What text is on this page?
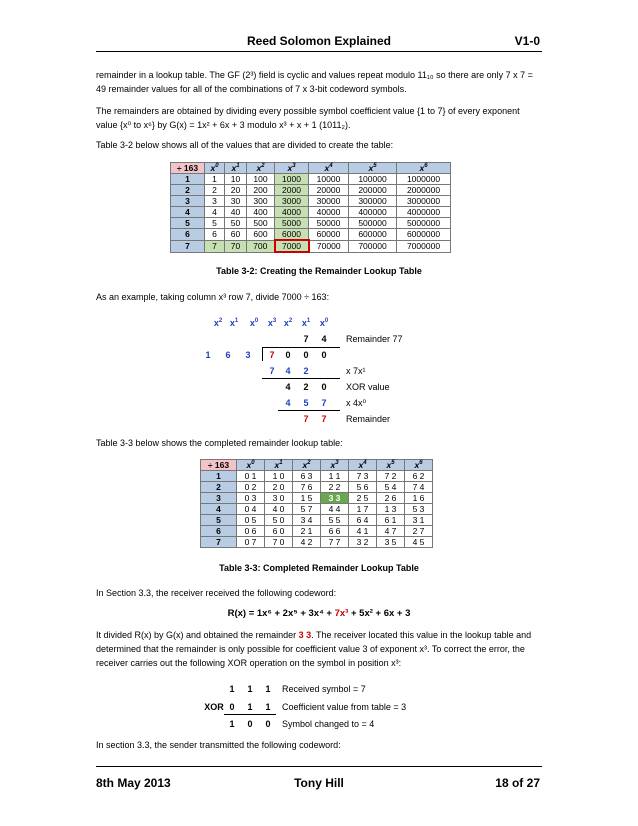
Reed Solomon Explained	V1-0
remainder in a lookup table. The GF (2³) field is cyclic and values repeat modulo 11₁₀ so there are only 7 x 7 = 49 remainder values for all of the combinations of 7 x 3-bit codeword symbols.
The remainders are obtained by dividing every possible symbol coefficient value {1 to 7} of every exponent value {x⁰ to x⁶} by G(x) = 1x² + 6x + 3 modulo x³ + x + 1 (1011₂).
Table 3-2 below shows all of the values that are divided to create the table:
÷ 163	$x^0$	$x^1$	$x^2$	$x^3$	$x^4$	$x^5$	$x^6$
1	1	10	100	1000	10000	100000	1000000
2	2	20	200	2000	20000	200000	2000000
3	3	30	300	3000	30000	300000	3000000
4	4	40	400	4000	40000	400000	4000000
5	5	50	500	5000	50000	500000	5000000
6	6	60	600	6000	60000	600000	6000000
7	7	70	700	7000	70000	700000	7000000
Table 3-2: Creating the Remainder Lookup Table
As an example, taking column x³ row 7, divide 7000 ÷ 163:
$x^2$ $x^1$	$x^0$	$x^3$ $x^2$	$x^1$	$x^0$
7	4	Remainder 77
1	6	3	7	0	0	0
7	4	2	x 7x¹
4	2	0	XOR value
4	5	7	x 4x⁰
7	7	Remainder
Table 3-3 below shows the completed remainder lookup table:
÷ 163	$x^0$	$x^1$	$x^2$	$x^3$	$x^4$	$x^5$	$x^6$
1	0 1	1 0	6 3	1 1	7 3	7 2	6 2
2	0 2	2 0	7 6	2 2	5 6	5 4	7 4
3	0 3	3 0	1 5	3 3	2 5	2 6	1 6
4	0 4	4 0	5 7	4 4	1 7	1 3	5 3
5	0 5	5 0	3 4	5 5	6 4	6 1	3 1
6	0 6	6 0	2 1	6 6	4 1	4 7	2 7
7	0 7	7 0	4 2	7 7	3 2	3 5	4 5
Table 3-3: Completed Remainder Lookup Table
In Section 3.3, the receiver received the following codeword:
R(x) = 1x⁶ + 2x⁵ + 3x⁴ + 7x³ + 5x² + 6x + 3
It divided R(x) by G(x) and obtained the remainder 3 3. The receiver located this value in the lookup table and determined that the remainder is only possible for coefficient value 3 of exponent x³. To correct the error, the receiver carries out the following XOR operation on the symbol in position x³:
1	1	1	Received symbol = 7
XOR 0	1	1	Coefficient value from table = 3
1	0	0	Symbol changed to = 4
In section 3.3, the sender transmitted the following codeword:
8th May 2013	Tony Hill	18 of 27
